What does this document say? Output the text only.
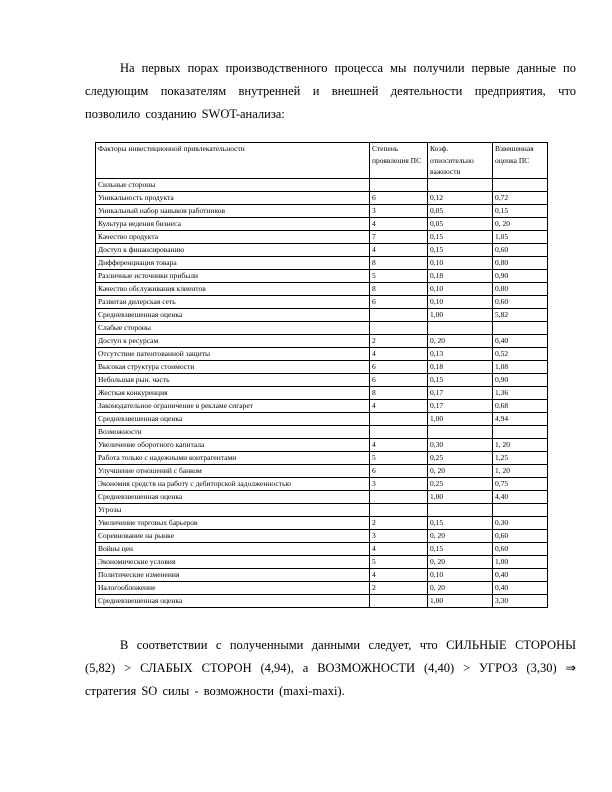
На первых порах производственного процесса мы получили первые данные по следующим показателям внутренней и внешней деятельности предприятия, что позволило созданию SWOT-анализа:

Факторы инвестиционной привлекательности	Степень проявления ПС	Коэф. относительно важности	Взвешенная оценка ПС
Сильные стороны			
Уникальность продукта	6	0,12	0,72
Уникальный набор навыков работников	3	0,05	0,15
Культура ведения бизнеса	4	0,05	0, 20
Качество продукта	7	0,15	1,05
Доступ к финансированию	4	0,15	0,60
Дифференциация товара	8	0,10	0,80
Различные источники прибыли	5	0,18	0,90
Качество обслуживания клиентов	8	0,10	0,80
Развитая дилерская сеть	6	0,10	0,60
Средневзвешенная оценка		1,00	5,82
Слабые стороны			
Доступ к ресурсам	2	0, 20	0,40
Отсутствие патентованной защиты	4	0,13	0,52
Высокая структура стоимости	6	0,18	1,08
Небольшая рын. часть	6	0,15	0,90
Жесткая конкуренция	8	0,17	1,36
Законодательное ограничение в рекламе сигарет	4	0,17	0,68
Средневзвешенная оценка		1,00	4,94
Возможности			
Увеличение оборотного капитала	4	0,30	1, 20
Работа только с надежными контрагентами	5	0,25	1,25
Улучшение отношений с банком	6	0, 20	1, 20
Экономия средств на работу с дебиторской задолженностью	3	0,25	0,75
Средневзвешенная оценка		1,00	4,40
Угрозы			
Увеличение торговых барьеров	2	0,15	0,30
Соревнование на рынке	3	0, 20	0,60
Войны цен	4	0,15	0,60
Экономические условия	5	0, 20	1,00
Политические изменения	4	0,10	0,40
Налогообложение	2	0, 20	0,40
Средневзвешенная оценка		1,00	3,30

В соответствии с полученными данными следует, что СИЛЬНЫЕ СТОРОНЫ (5,82) > СЛАБЫХ СТОРОН (4,94), а ВОЗМОЖНОСТИ (4,40) > УГРОЗ (3,30) ⇒ стратегия SO силы - возможности (maxi-maxi).
